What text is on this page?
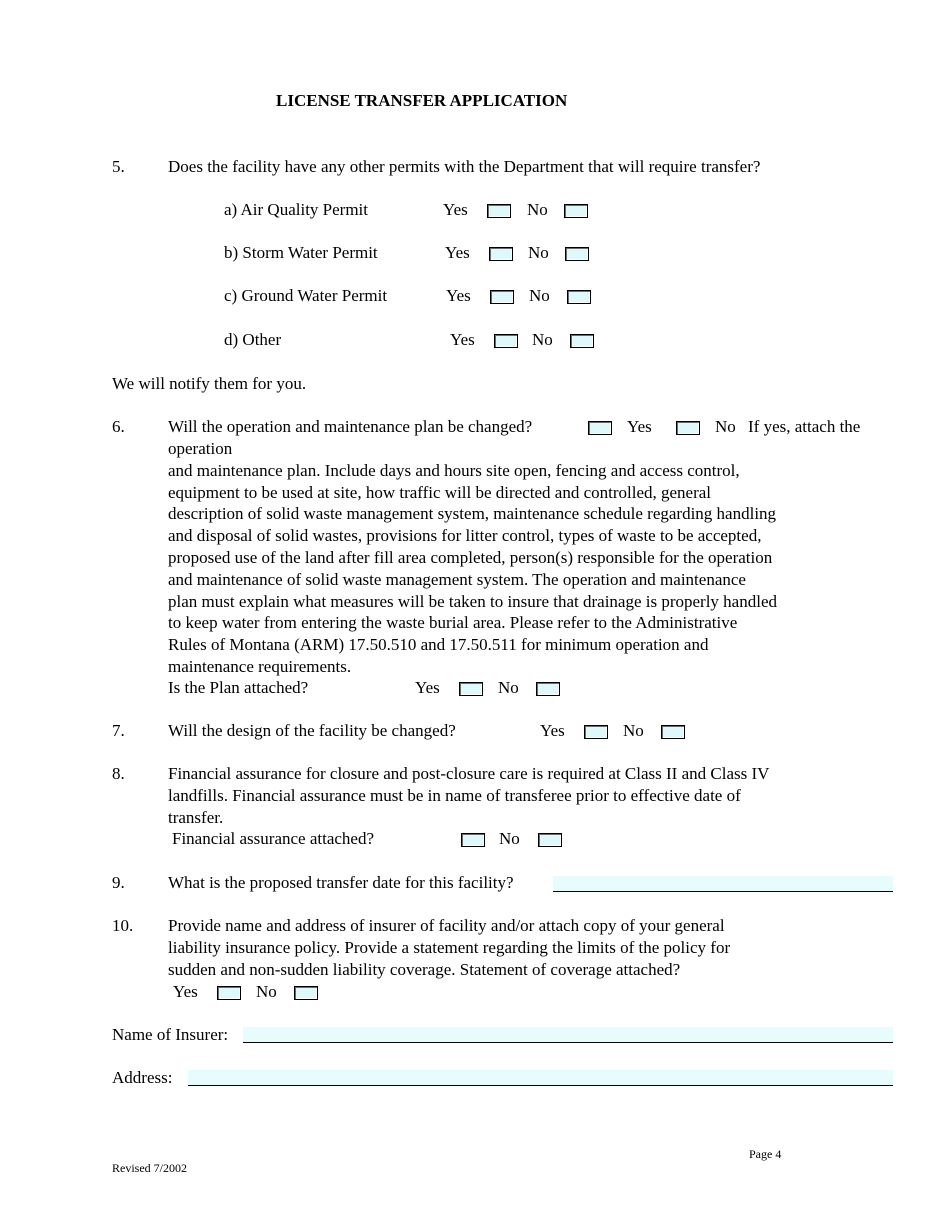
LICENSE TRANSFER APPLICATION
5.	Does the facility have any other permits with the Department that will require transfer?
a) Air Quality Permit	Yes	No
b) Storm Water Permit	Yes	No
c) Ground Water Permit	Yes	No
d) Other	Yes	No
We will notify them for you.
6.	Will the operation and maintenance plan be changed?	Yes	No If yes, attach the
operation
and maintenance plan. Include days and hours site open, fencing and access control,
equipment to be used at site, how traffic will be directed and controlled, general
description of solid waste management system, maintenance schedule regarding handling
and disposal of solid wastes, provisions for litter control, types of waste to be accepted,
proposed use of the land after fill area completed, person(s) responsible for the operation
and maintenance of solid waste management system. The operation and maintenance
plan must explain what measures will be taken to insure that drainage is properly handled
to keep water from entering the waste burial area. Please refer to the Administrative
Rules of Montana (ARM) 17.50.510 and 17.50.511 for minimum operation and
maintenance requirements.
Is the Plan attached?	Yes	No
7.	Will the design of the facility be changed?	Yes	No
8.	Financial assurance for closure and post-closure care is required at Class II and Class IV
landfills. Financial assurance must be in name of transferee prior to effective date of
transfer.
Financial assurance attached?	No
9.	What is the proposed transfer date for this facility?
10. Provide name and address of insurer of facility and/or attach copy of your general
liability insurance policy. Provide a statement regarding the limits of the policy for
sudden and non-sudden liability coverage. Statement of coverage attached?
Yes	No
Name of Insurer:
Address:
Page 4
Revised 7/2002
